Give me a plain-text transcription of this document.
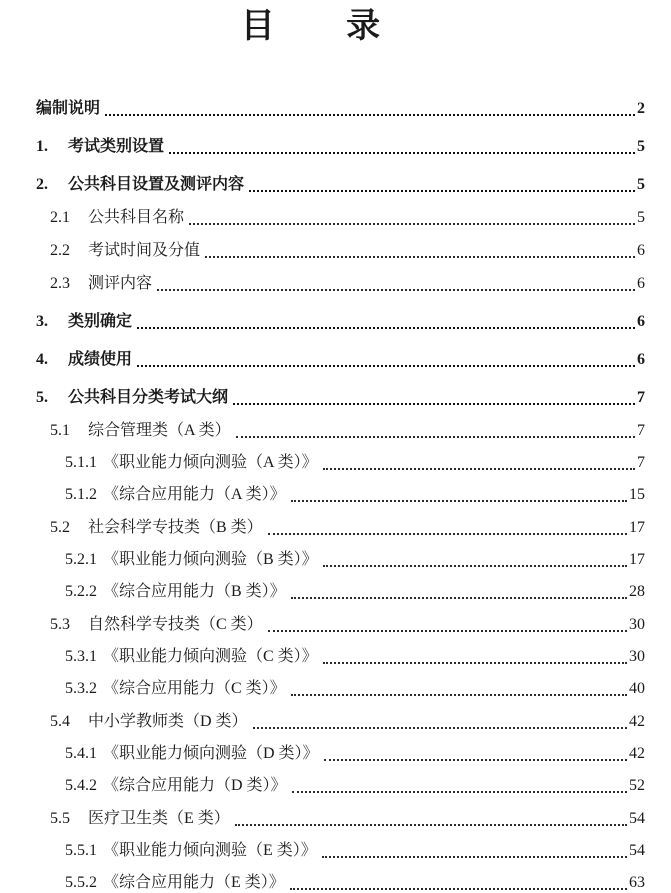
目录
编制说明	2
1.	考试类别设置	5
2.	公共科目设置及测评内容	5
2.1	公共科目名称	5
2.2	考试时间及分值	6
2.3	测评内容	6
3.	类别确定	6
4.	成绩使用	6
5.	公共科目分类考试大纲	7
5.1	综合管理类（A 类）	7
5.1.1 《职业能力倾向测验（A 类）》	7
5.1.2 《综合应用能力（A 类）》	15
5.2	社会科学专技类（B 类）	17
5.2.1 《职业能力倾向测验（B 类）》	17
5.2.2 《综合应用能力（B 类）》	28
5.3	自然科学专技类（C 类）	30
5.3.1 《职业能力倾向测验（C 类）》	30
5.3.2 《综合应用能力（C 类）》	40
5.4	中小学教师类（D 类）	42
5.4.1 《职业能力倾向测验（D 类）》	42
5.4.2 《综合应用能力（D 类）》	52
5.5	医疗卫生类（E 类）	54
5.5.1 《职业能力倾向测验（E 类）》	54
5.5.2 《综合应用能力（E 类）》	63
